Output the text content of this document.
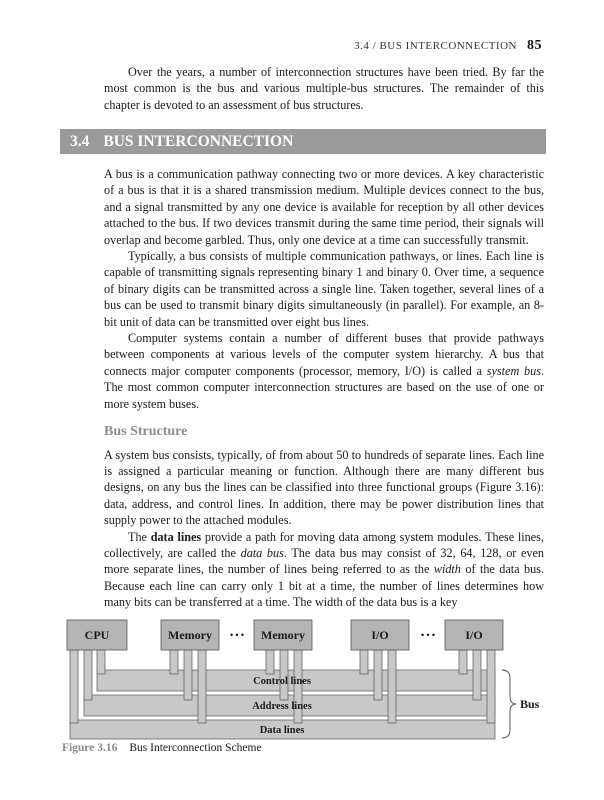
3.4 / BUS INTERCONNECTION 85

Over the years, a number of interconnection structures have been tried. By far the most common is the bus and various multiple-bus structures. The remainder of this chapter is devoted to an assessment of bus structures.

3.4 BUS INTERCONNECTION

A bus is a communication pathway connecting two or more devices. A key characteristic of a bus is that it is a shared transmission medium. Multiple devices connect to the bus, and a signal transmitted by any one device is available for reception by all other devices attached to the bus. If two devices transmit during the same time period, their signals will overlap and become garbled. Thus, only one device at a time can successfully transmit.

Typically, a bus consists of multiple communication pathways, or lines. Each line is capable of transmitting signals representing binary 1 and binary 0. Over time, a sequence of binary digits can be transmitted across a single line. Taken together, several lines of a bus can be used to transmit binary digits simultaneously (in parallel). For example, an 8-bit unit of data can be transmitted over eight bus lines.

Computer systems contain a number of different buses that provide pathways between components at various levels of the computer system hierarchy. A bus that connects major computer components (processor, memory, I/O) is called a system bus. The most common computer interconnection structures are based on the use of one or more system buses.

Bus Structure

A system bus consists, typically, of from about 50 to hundreds of separate lines. Each line is assigned a particular meaning or function. Although there are many different bus designs, on any bus the lines can be classified into three functional groups (Figure 3.16): data, address, and control lines. In addition, there may be power distribution lines that supply power to the attached modules.

The data lines provide a path for moving data among system modules. These lines, collectively, are called the data bus. The data bus may consist of 32, 64, 128, or even more separate lines, the number of lines being referred to as the width of the data bus. Because each line can carry only 1 bit at a time, the number of lines determines how many bits can be transferred at a time. The width of the data bus is a key

CPU	Memory	Memory	I/O	I/O
• • •	• • •
Control lines
Address lines
Data lines
Bus
Figure 3.16 Bus Interconnection Scheme
